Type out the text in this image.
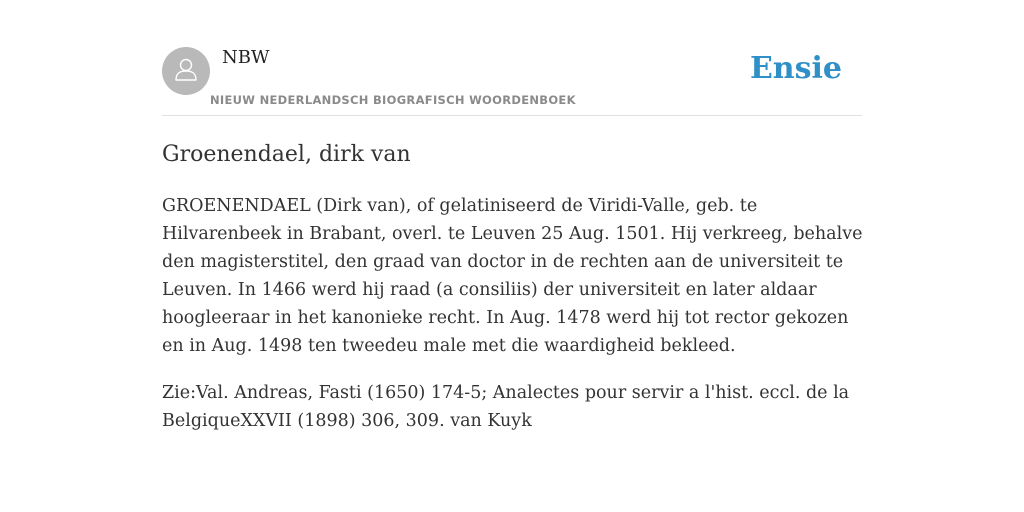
NBW
NIEUW NEDERLANDSCH BIOGRAFISCH WOORDENBOEK
Ensie
Groenendael, dirk van

GROENENDAEL (Dirk van), of gelatiniseerd de Viridi-Valle, geb. te Hilvarenbeek in Brabant, overl. te Leuven 25 Aug. 1501. Hij verkreeg, behalve den magisterstitel, den graad van doctor in de rechten aan de universiteit te Leuven. In 1466 werd hij raad (a consiliis) der universiteit en later aldaar hoogleeraar in het kanonieke recht. In Aug. 1478 werd hij tot rector gekozen en in Aug. 1498 ten tweedeu male met die waardigheid bekleed.

Zie:Val. Andreas, Fasti (1650) 174-5; Analectes pour servir a l'hist. eccl. de la BelgiqueXXVII (1898) 306, 309. van Kuyk
